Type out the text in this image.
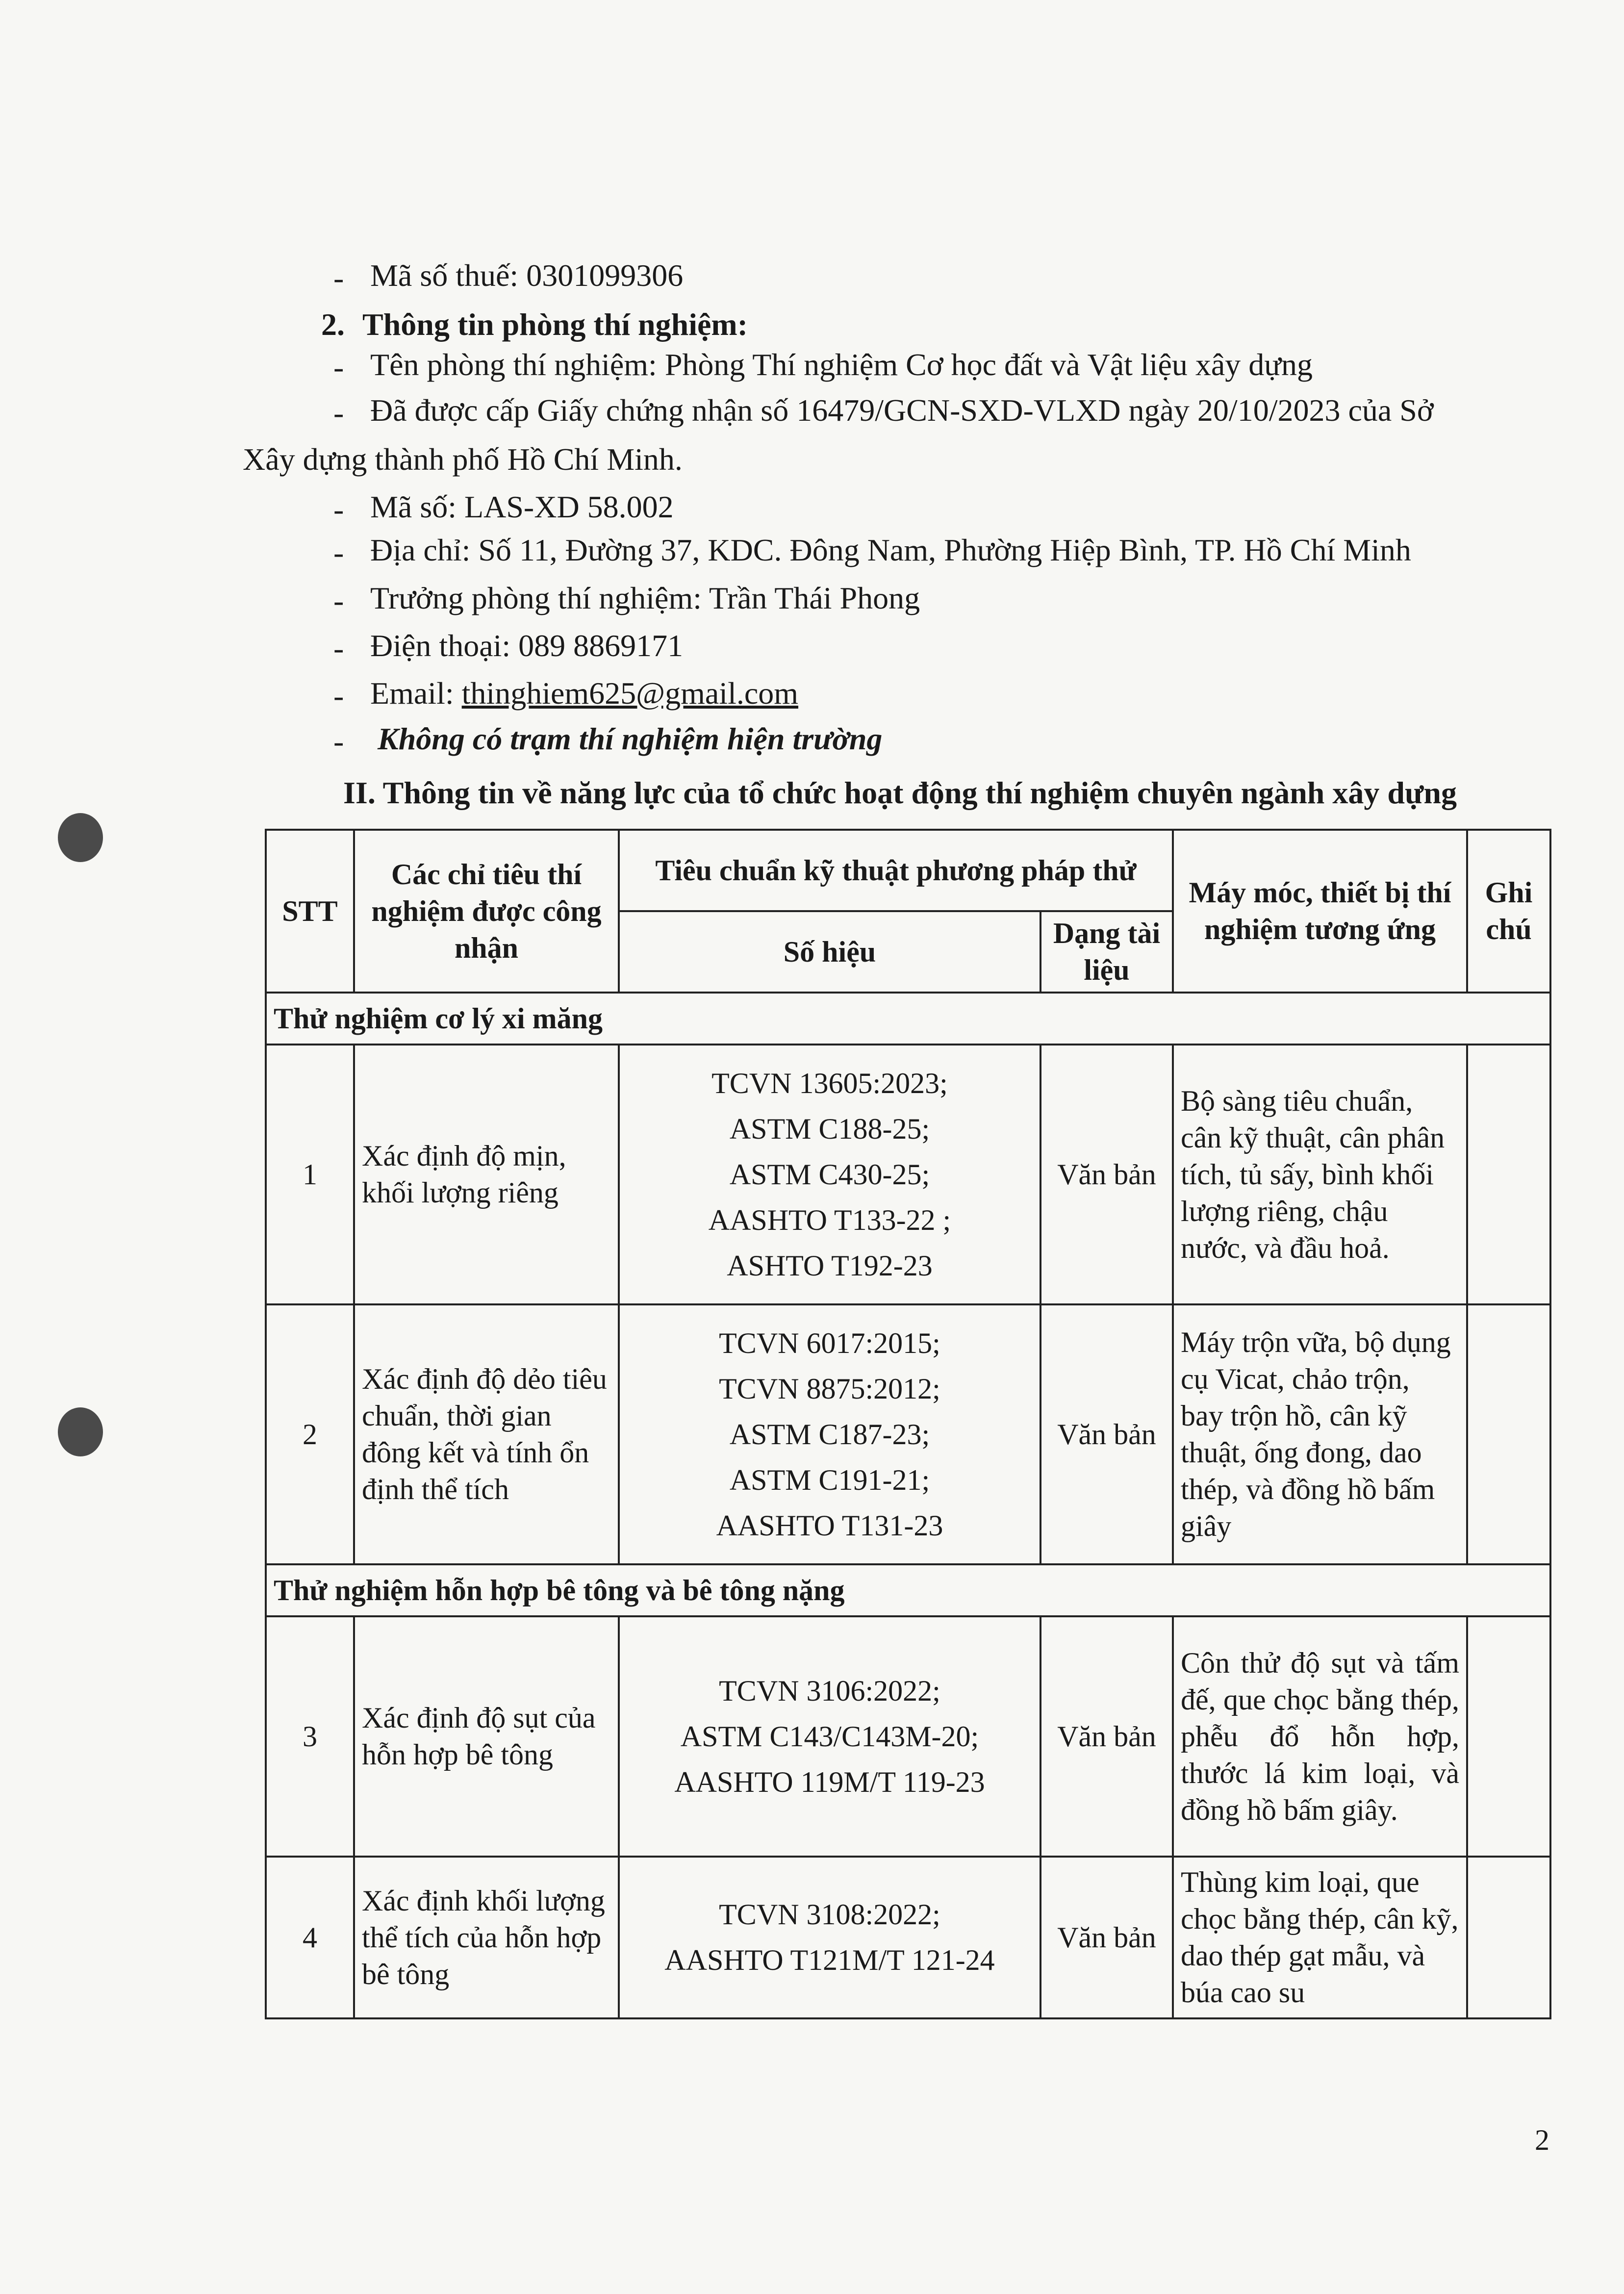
- Mã số thuế: 0301099306
2. Thông tin phòng thí nghiệm:
- Tên phòng thí nghiệm: Phòng Thí nghiệm Cơ học đất và Vật liệu xây dựng
- Đã được cấp Giấy chứng nhận số 16479/GCN-SXD-VLXD ngày 20/10/2023 của Sở
Xây dựng thành phố Hồ Chí Minh.
- Mã số: LAS-XD 58.002
- Địa chỉ: Số 11, Đường 37, KDC. Đông Nam, Phường Hiệp Bình, TP. Hồ Chí Minh
- Trưởng phòng thí nghiệm: Trần Thái Phong
- Điện thoại: 089 8869171
- Email: thinghiem625@gmail.com
- Không có trạm thí nghiệm hiện trường
II. Thông tin về năng lực của tổ chức hoạt động thí nghiệm chuyên ngành xây dựng
STT	Các chỉ tiêu thí nghiệm được công nhận	Tiêu chuẩn kỹ thuật phương pháp thử		Máy móc, thiết bị thí nghiệm tương ứng	Ghi chú
		Số hiệu	Dạng tài liệu		
Thử nghiệm cơ lý xi măng					
1	Xác định độ mịn, khối lượng riêng	TCVN 13605:2023;
ASTM C188-25;
ASTM C430-25;
AASHTO T133-22 ;
ASHTO T192-23	Văn bản	Bộ sàng tiêu chuẩn, cân kỹ thuật, cân phân tích, tủ sấy, bình khối lượng riêng, chậu nước, và đầu hoả.	
2	Xác định độ dẻo tiêu chuẩn, thời gian đông kết và tính ổn định thể tích	TCVN 6017:2015;
TCVN 8875:2012;
ASTM C187-23;
ASTM C191-21;
AASHTO T131-23	Văn bản	Máy trộn vữa, bộ dụng cụ Vicat, chảo trộn, bay trộn hồ, cân kỹ thuật, ống đong, dao thép, và đồng hồ bấm giây	
Thử nghiệm hỗn hợp bê tông và bê tông nặng					
3	Xác định độ sụt của hỗn hợp bê tông	TCVN 3106:2022;
ASTM C143/C143M-20;
AASHTO 119M/T 119-23	Văn bản	Côn thử độ sụt và tấm đế, que chọc bằng thép, phễu đổ hỗn hợp, thước lá kim loại, và đồng hồ bấm giây.	
4	Xác định khối lượng thể tích của hỗn hợp bê tông	TCVN 3108:2022;
AASHTO T121M/T 121-24	Văn bản	Thùng kim loại, que chọc bằng thép, cân kỹ, dao thép gạt mẫu, và búa cao su	
2
